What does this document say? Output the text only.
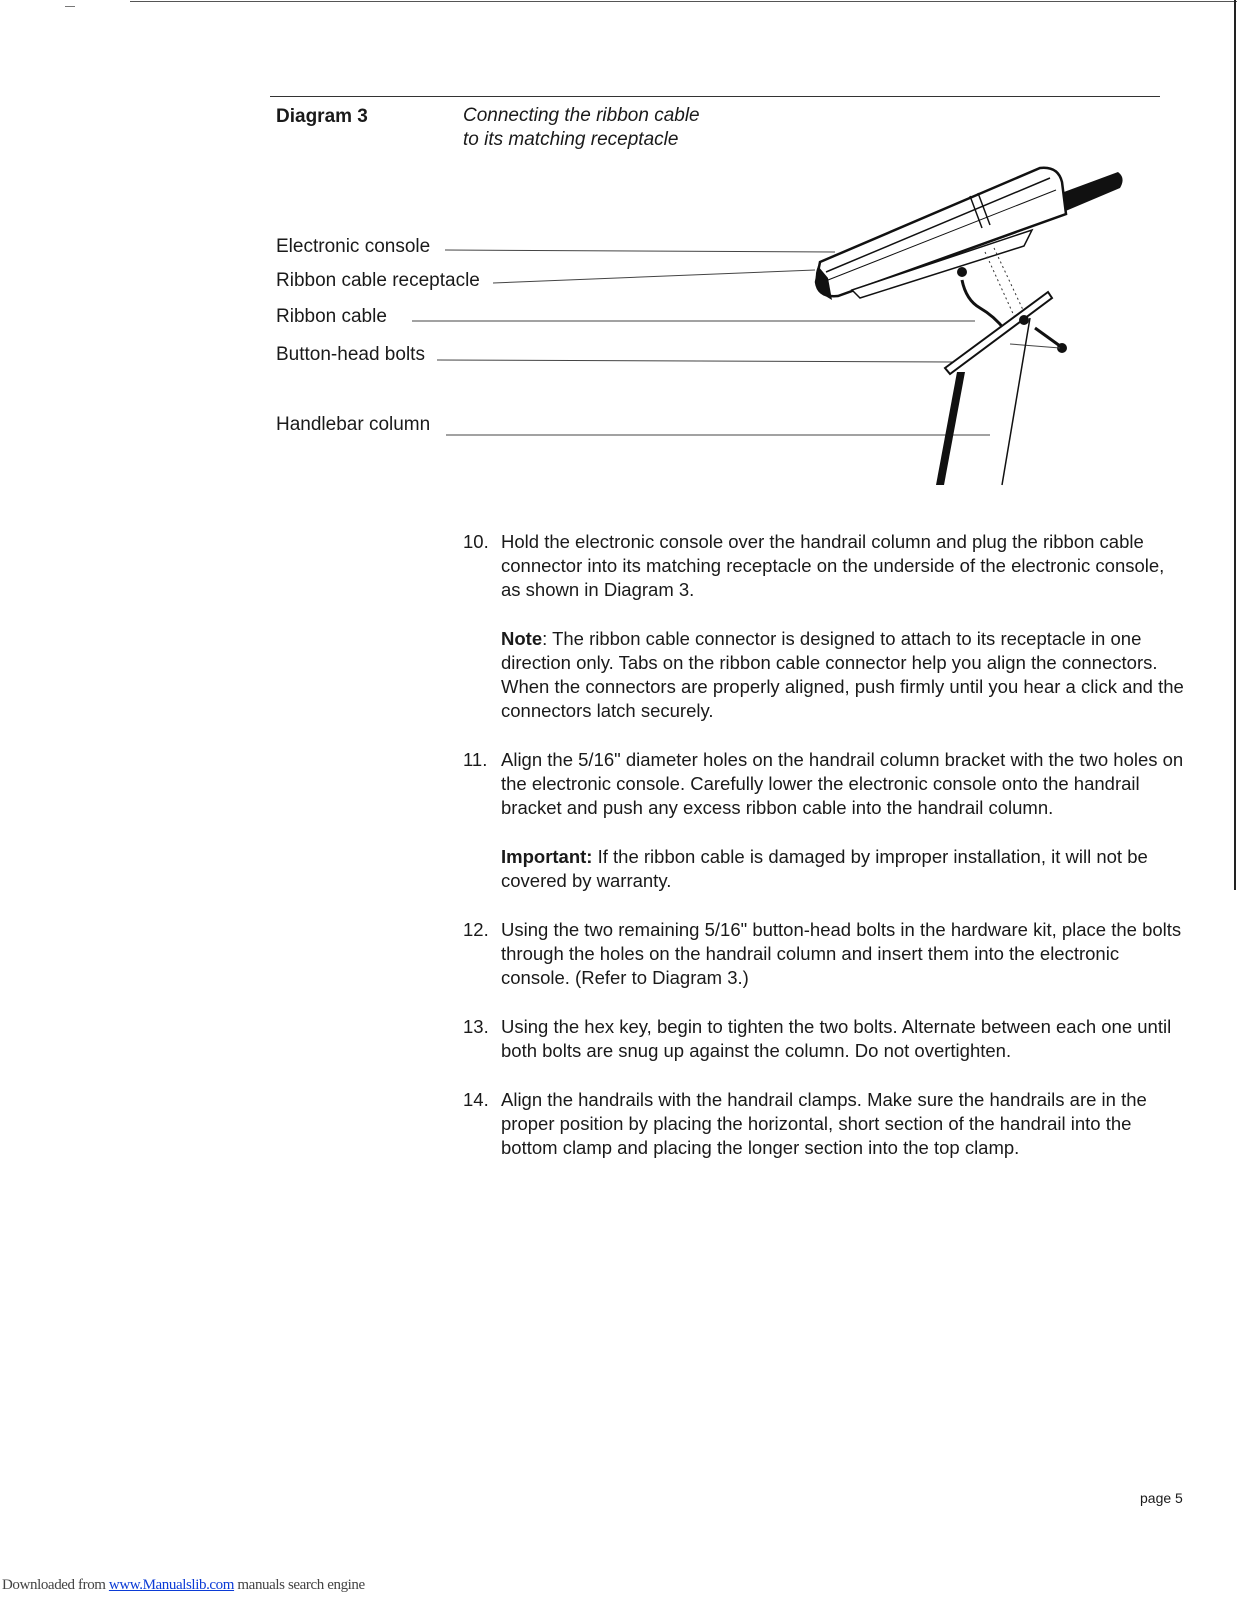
Diagram 3	Connecting the ribbon cable to its matching receptacle
Electronic console
Ribbon cable receptacle
Ribbon cable
Button-head bolts
Handlebar column
10. Hold the electronic console over the handrail column and plug the ribbon cable connector into its matching receptacle on the underside of the electronic console, as shown in Diagram 3.
Note: The ribbon cable connector is designed to attach to its receptacle in one direction only. Tabs on the ribbon cable connector help you align the connectors. When the connectors are properly aligned, push firmly until you hear a click and the connectors latch securely.
11. Align the 5/16" diameter holes on the handrail column bracket with the two holes on the electronic console. Carefully lower the electronic console onto the handrail bracket and push any excess ribbon cable into the handrail column.
Important: If the ribbon cable is damaged by improper installation, it will not be covered by warranty.
12. Using the two remaining 5/16" button-head bolts in the hardware kit, place the bolts through the holes on the handrail column and insert them into the electronic console. (Refer to Diagram 3.)
13. Using the hex key, begin to tighten the two bolts. Alternate between each one until both bolts are snug up against the column. Do not overtighten.
14. Align the handrails with the handrail clamps. Make sure the handrails are in the proper position by placing the horizontal, short section of the handrail into the bottom clamp and placing the longer section into the top clamp.
page 5
Downloaded from www.Manualslib.com manuals search engine
